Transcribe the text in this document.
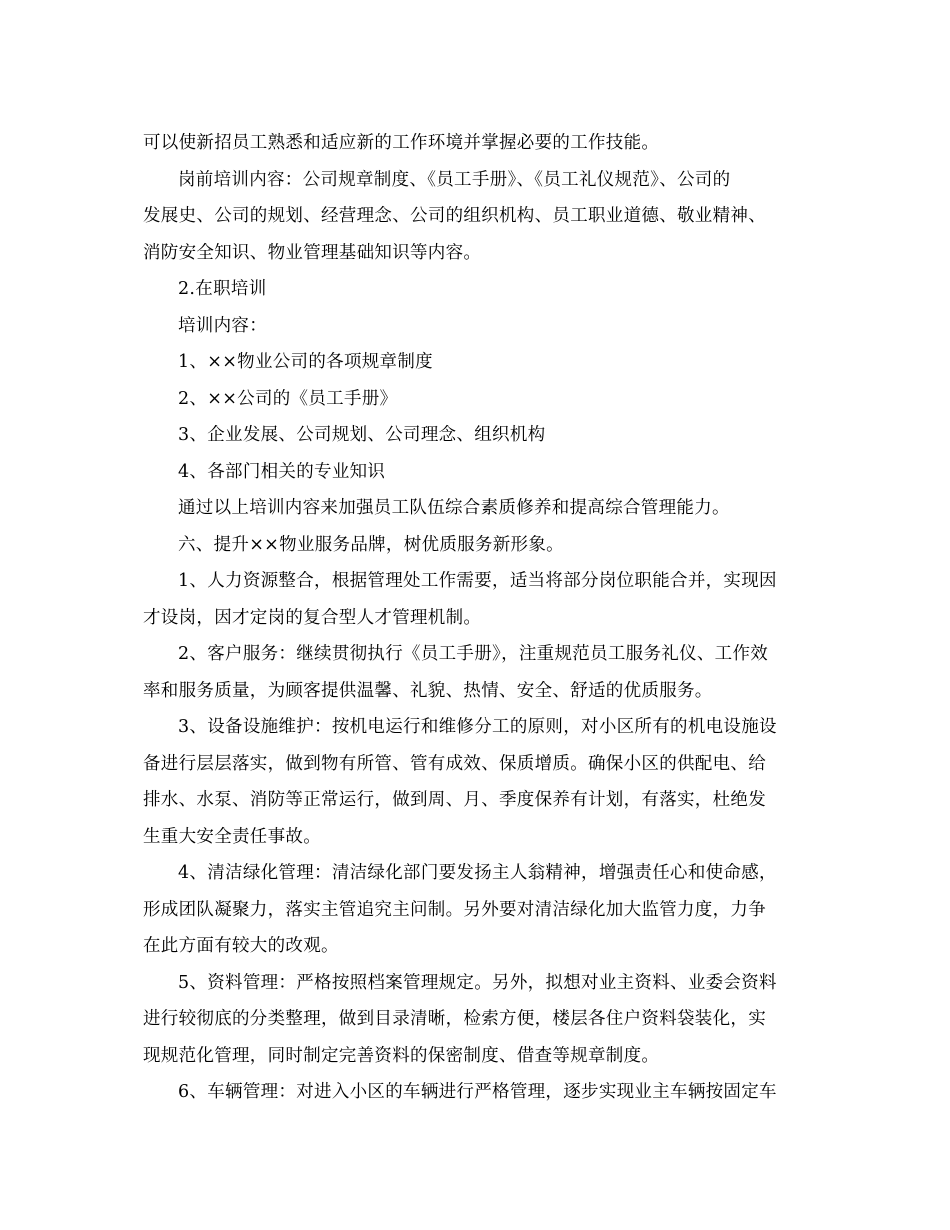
可以使新招员工熟悉和适应新的工作环境并掌握必要的工作技能。
岗前培训内容：公司规章制度、《员工手册》、《员工礼仪规范》、公司的
发展史、公司的规划、经营理念、公司的组织机构、员工职业道德、敬业精神、
消防安全知识、物业管理基础知识等内容。
2.在职培训
培训内容：
1、××物业公司的各项规章制度
2、××公司的《员工手册》
3、企业发展、公司规划、公司理念、组织机构
4、各部门相关的专业知识
通过以上培训内容来加强员工队伍综合素质修养和提高综合管理能力。
六、提升××物业服务品牌，树优质服务新形象。
1、人力资源整合，根据管理处工作需要，适当将部分岗位职能合并，实现因
才设岗，因才定岗的复合型人才管理机制。
2、客户服务：继续贯彻执行《员工手册》，注重规范员工服务礼仪、工作效
率和服务质量，为顾客提供温馨、礼貌、热情、安全、舒适的优质服务。
3、设备设施维护：按机电运行和维修分工的原则，对小区所有的机电设施设
备进行层层落实，做到物有所管、管有成效、保质增质。确保小区的供配电、给
排水、水泵、消防等正常运行，做到周、月、季度保养有计划，有落实，杜绝发
生重大安全责任事故。
4、清洁绿化管理：清洁绿化部门要发扬主人翁精神，增强责任心和使命感，
形成团队凝聚力，落实主管追究主问制。另外要对清洁绿化加大监管力度，力争
在此方面有较大的改观。
5、资料管理：严格按照档案管理规定。另外，拟想对业主资料、业委会资料
进行较彻底的分类整理，做到目录清晰，检索方便，楼层各住户资料袋装化，实
现规范化管理，同时制定完善资料的保密制度、借查等规章制度。
6、车辆管理：对进入小区的车辆进行严格管理，逐步实现业主车辆按固定车
